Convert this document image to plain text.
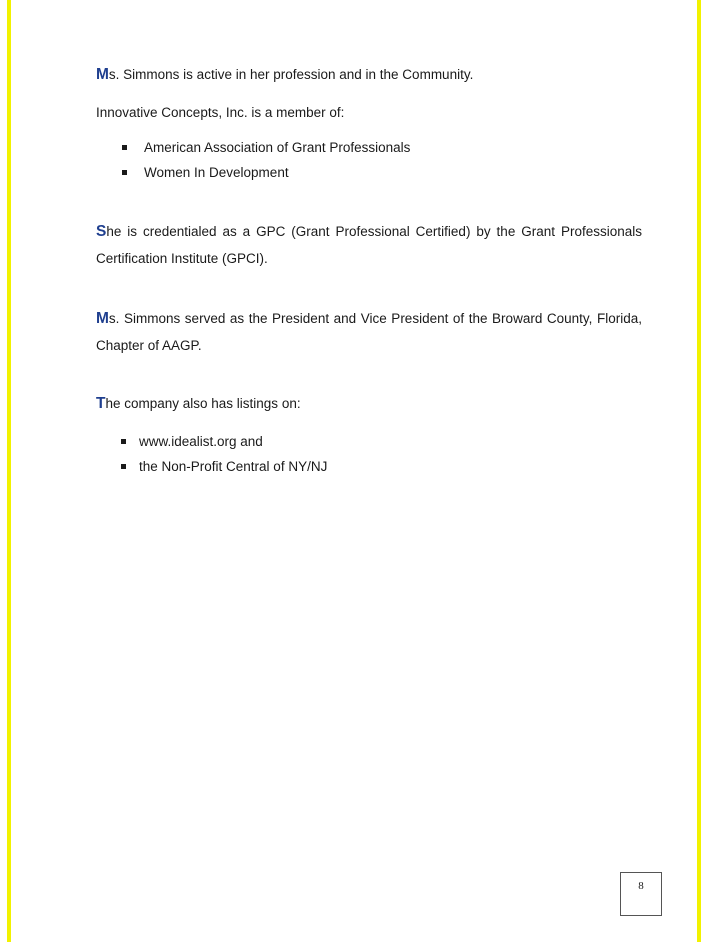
Ms. Simmons is active in her profession and in the Community.

Innovative Concepts, Inc. is a member of:

American Association of Grant Professionals
Women In Development

She is credentialed as a GPC (Grant Professional Certified) by the Grant Professionals Certification Institute (GPCI).

Ms. Simmons served as the President and Vice President of the Broward County, Florida, Chapter of AAGP.

The company also has listings on:

www.idealist.org and
the Non-Profit Central of NY/NJ
8
